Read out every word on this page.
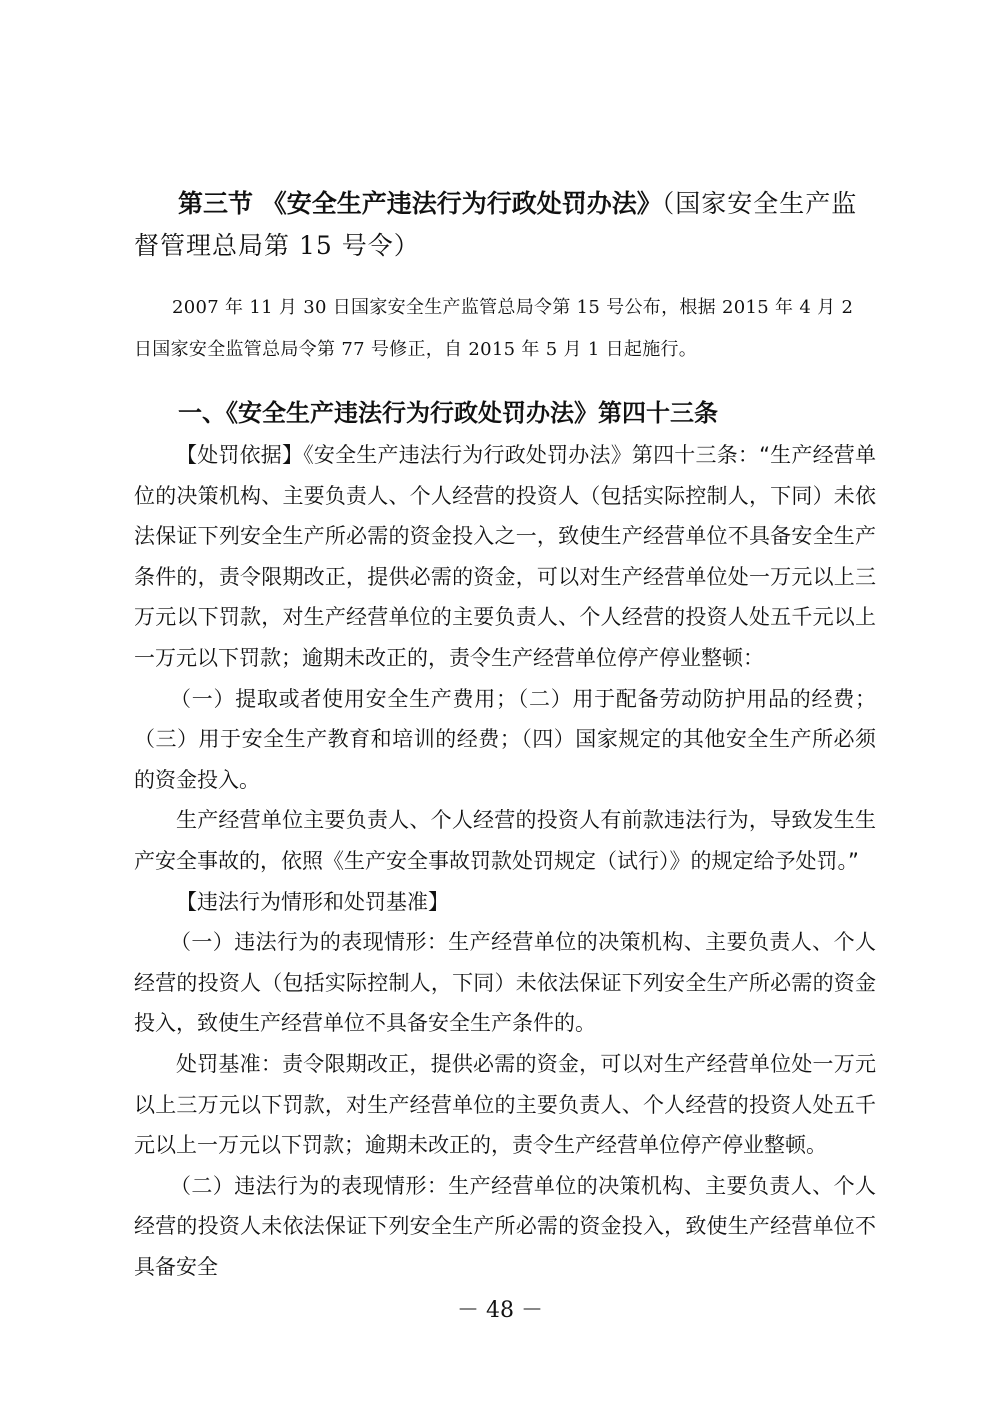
第三节 《安全生产违法行为行政处罚办法》（国家安全生产监督管理总局第 15 号令）
2007 年 11 月 30 日国家安全生产监管总局令第 15 号公布，根据 2015 年 4 月 2 日国家安全监管总局令第 77 号修正，自 2015 年 5 月 1 日起施行。
一、《安全生产违法行为行政处罚办法》第四十三条

【处罚依据】《安全生产违法行为行政处罚办法》第四十三条：“生产经营单位的决策机构、主要负责人、个人经营的投资人（包括实际控制人，下同）未依法保证下列安全生产所必需的资金投入之一，致使生产经营单位不具备安全生产条件的，责令限期改正，提供必需的资金，可以对生产经营单位处一万元以上三万元以下罚款，对生产经营单位的主要负责人、个人经营的投资人处五千元以上一万元以下罚款；逾期未改正的，责令生产经营单位停产停业整顿：

（一）提取或者使用安全生产费用；（二）用于配备劳动防护用品的经费；（三）用于安全生产教育和培训的经费；（四）国家规定的其他安全生产所必须的资金投入。

生产经营单位主要负责人、个人经营的投资人有前款违法行为，导致发生生产安全事故的，依照《生产安全事故罚款处罚规定（试行）》的规定给予处罚。”

【违法行为情形和处罚基准】

（一）违法行为的表现情形：生产经营单位的决策机构、主要负责人、个人经营的投资人（包括实际控制人，下同）未依法保证下列安全生产所必需的资金投入，致使生产经营单位不具备安全生产条件的。

处罚基准：责令限期改正，提供必需的资金，可以对生产经营单位处一万元以上三万元以下罚款，对生产经营单位的主要负责人、个人经营的投资人处五千元以上一万元以下罚款；逾期未改正的，责令生产经营单位停产停业整顿。

（二）违法行为的表现情形：生产经营单位的决策机构、主要负责人、个人经营的投资人未依法保证下列安全生产所必需的资金投入，致使生产经营单位不具备安全

－ 48 －
